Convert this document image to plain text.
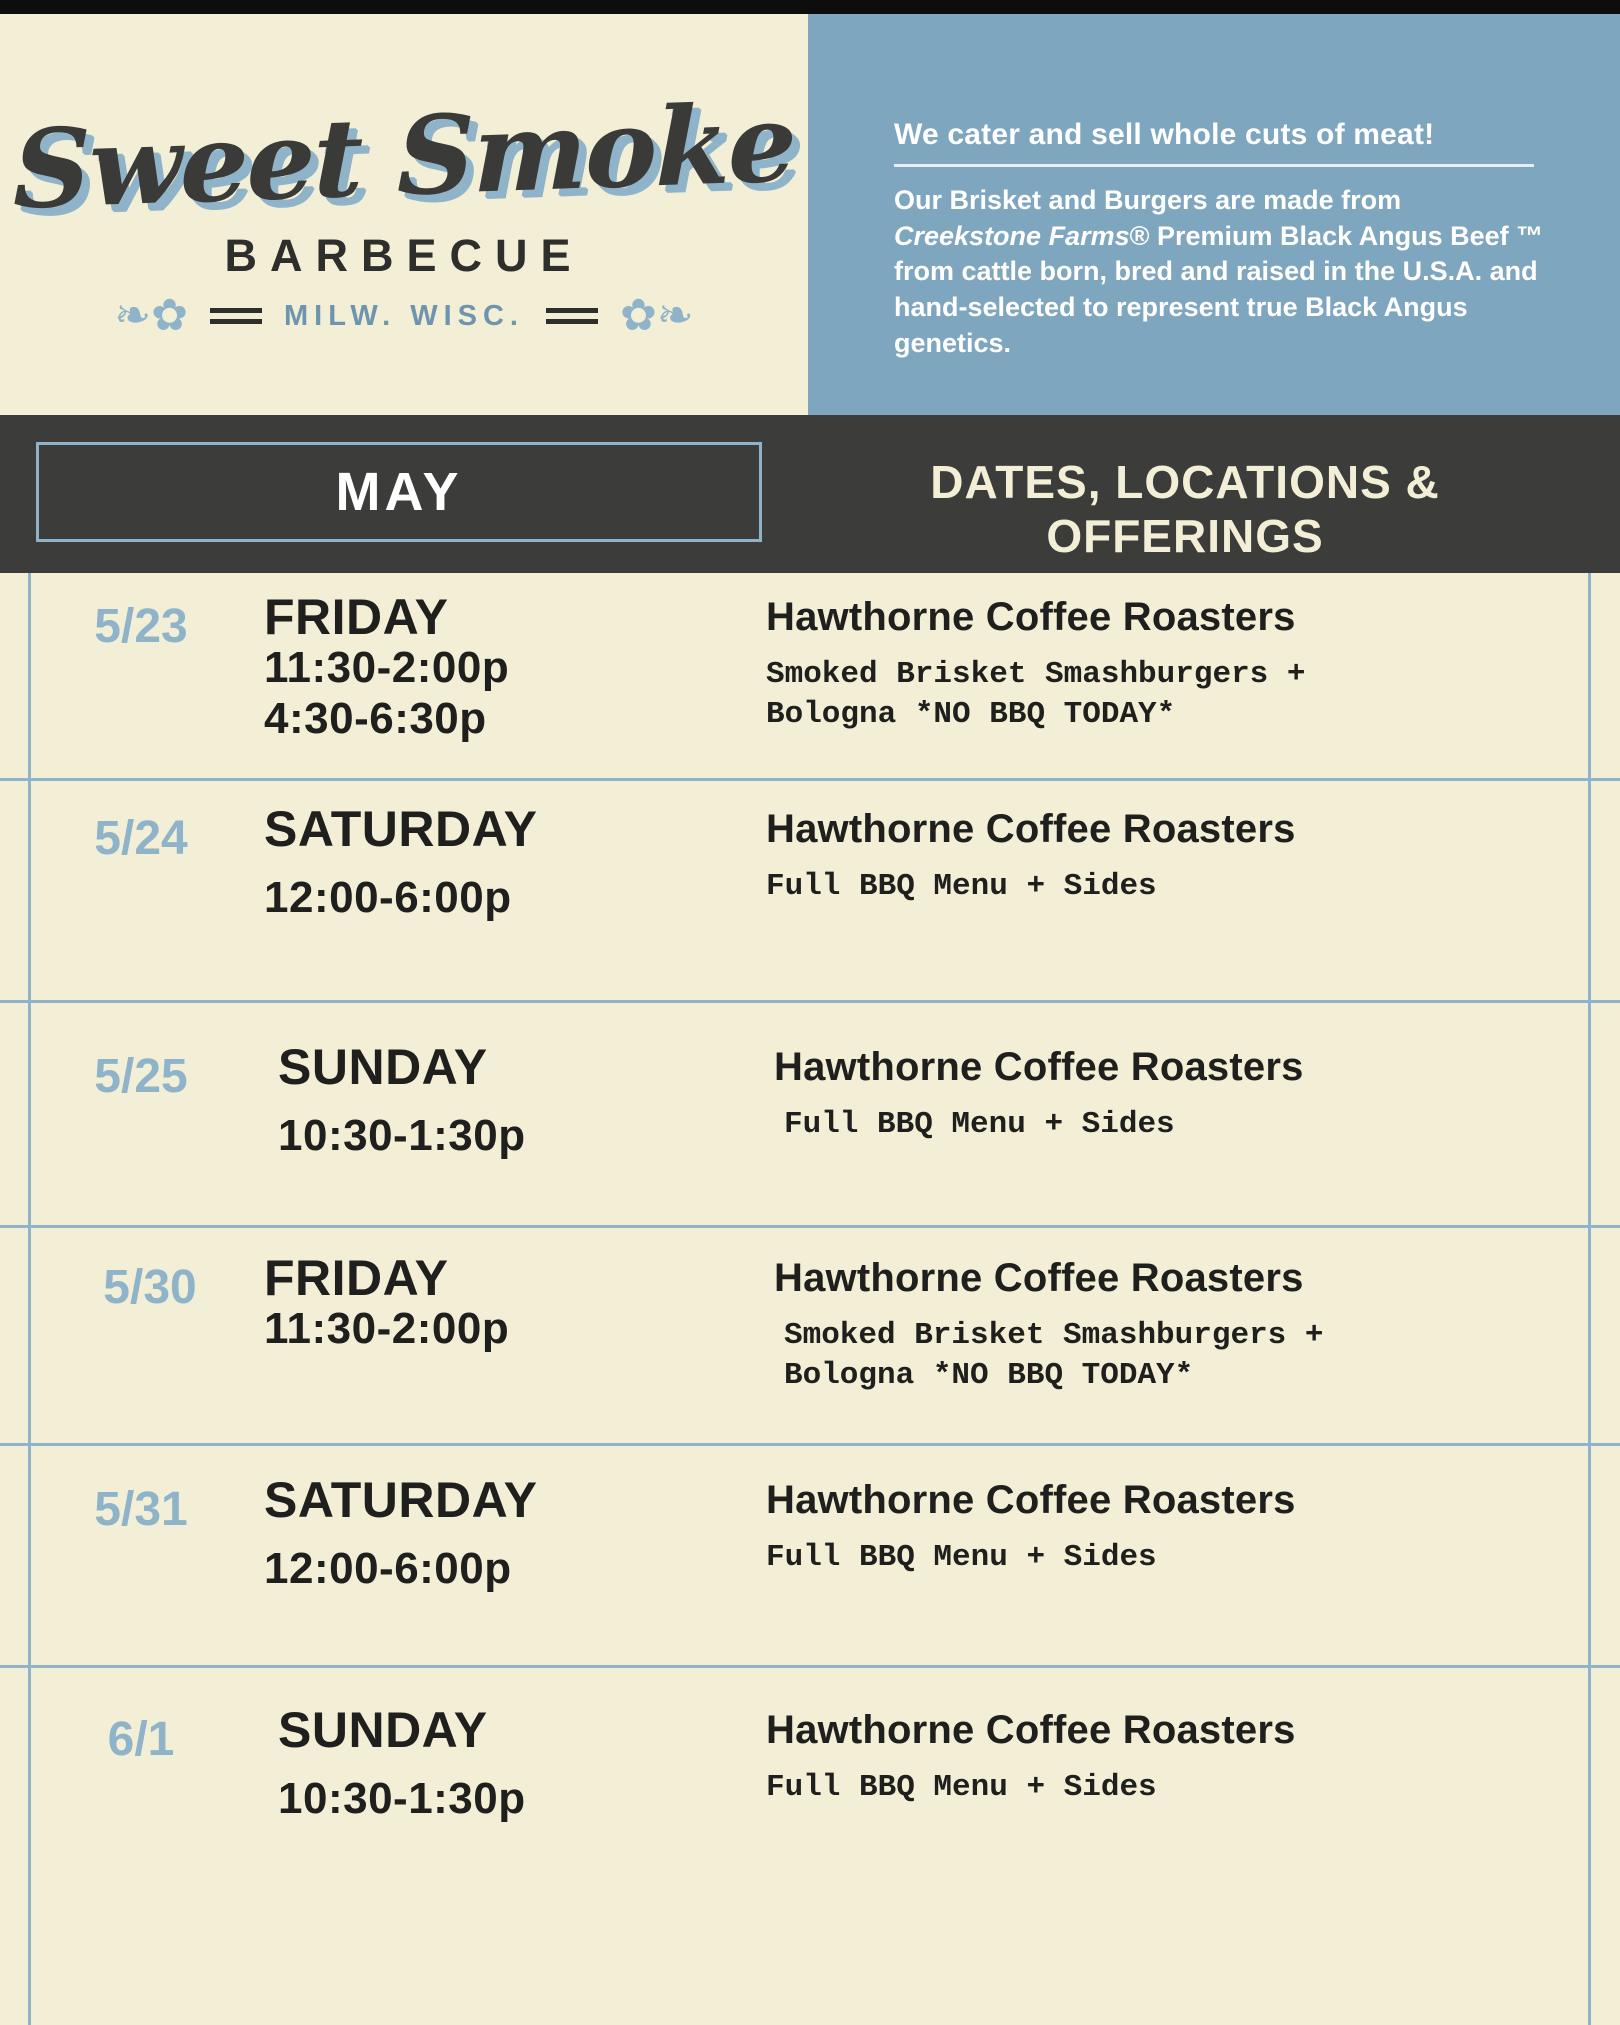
Sweet Smoke
BARBECUE
❧✿	MILW. WISC. ✿❧
We cater and sell whole cuts of meat!
Our Brisket and Burgers are made from Creekstone Farms® Premium Black Angus Beef ™ from cattle born, bred and raised in the U.S.A. and hand-selected to represent true Black Angus genetics.
MAY	DATES, LOCATIONS & OFFERINGS
5/23	FRIDAY
11:30-2:00p
4:30-6:30p
Hawthorne Coffee Roasters
Smoked Brisket Smashburgers +
Bologna *NO BBQ TODAY*
5/24	SATURDAY
12:00-6:00p
Hawthorne Coffee Roasters
Full BBQ Menu + Sides
5/25	SUNDAY
10:30-1:30p
Hawthorne Coffee Roasters
Full BBQ Menu + Sides
5/30	FRIDAY
11:30-2:00p
Hawthorne Coffee Roasters
Smoked Brisket Smashburgers +
Bologna *NO BBQ TODAY*
5/31	SATURDAY
12:00-6:00p
Hawthorne Coffee Roasters
Full BBQ Menu + Sides
6/1	SUNDAY
10:30-1:30p
Hawthorne Coffee Roasters
Full BBQ Menu + Sides
